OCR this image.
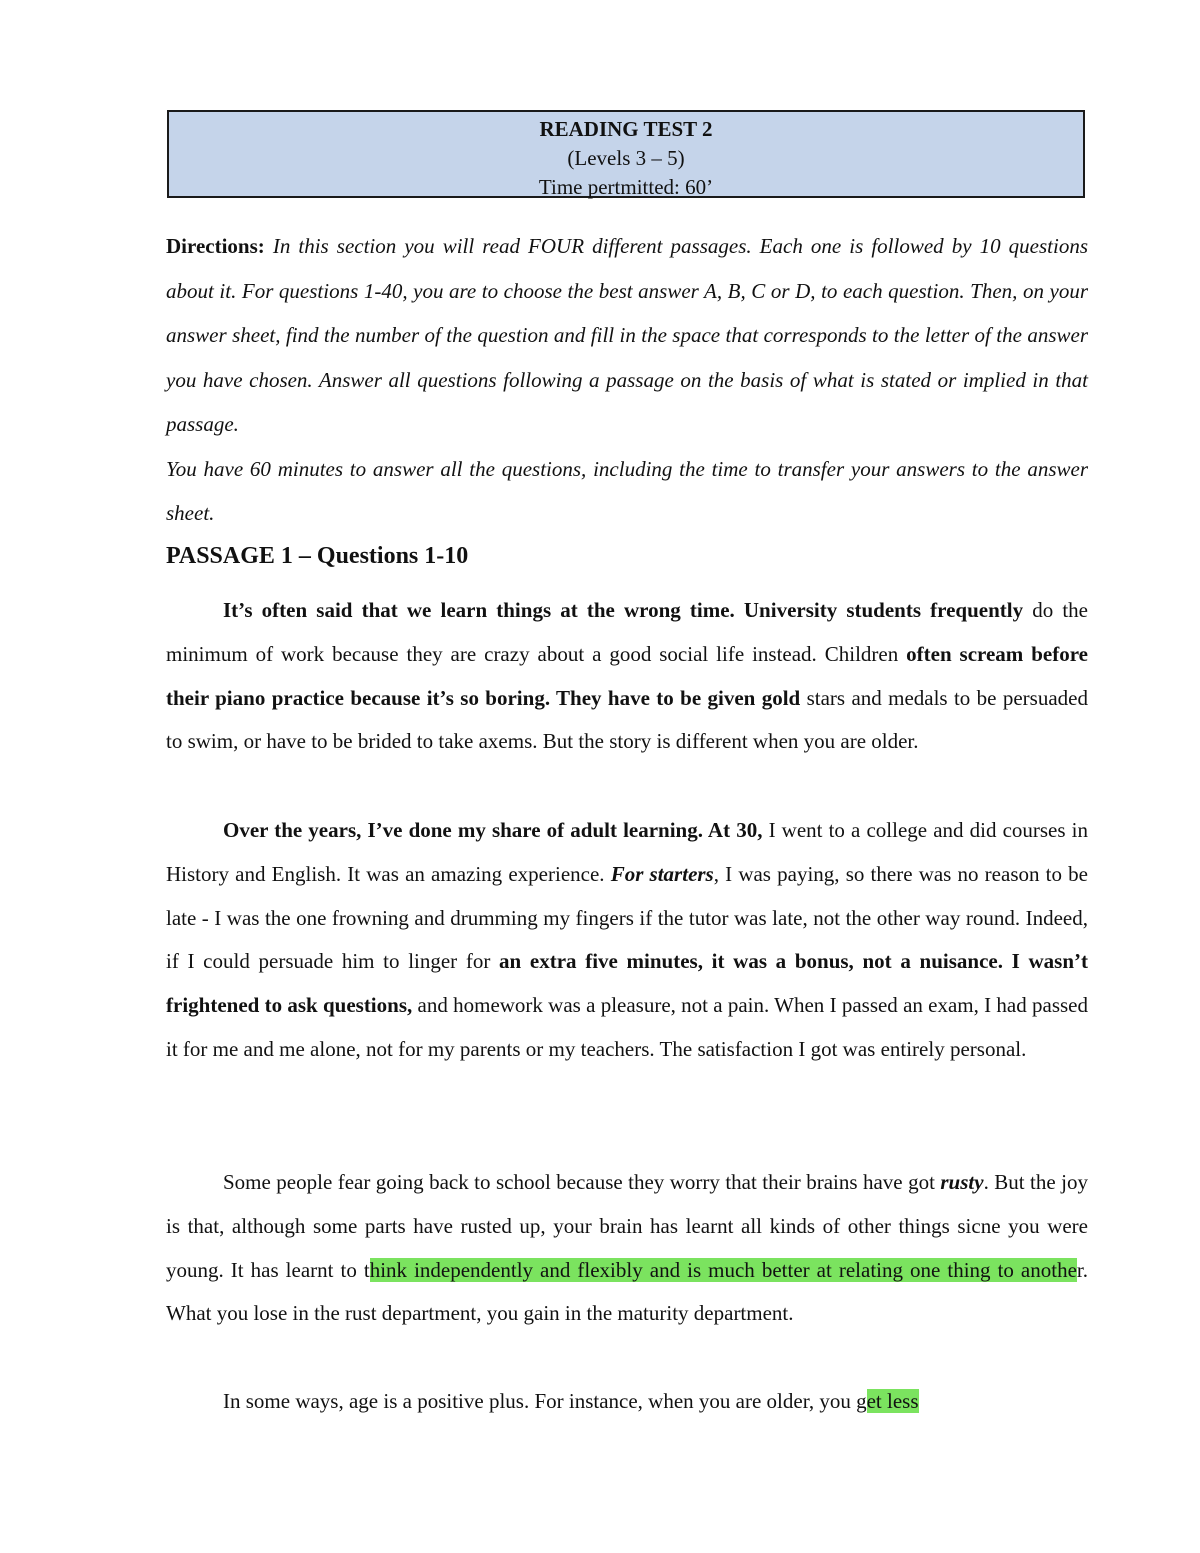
READING TEST 2
(Levels 3 – 5)
Time pertmitted: 60’
Directions: In this section you will read FOUR different passages. Each one is followed by 10 questions about it. For questions 1-40, you are to choose the best answer A, B, C or D, to each question. Then, on your answer sheet, find the number of the question and fill in the space that corresponds to the letter of the answer you have chosen. Answer all questions following a passage on the basis of what is stated or implied in that passage.
You have 60 minutes to answer all the questions, including the time to transfer your answers to the answer sheet.
PASSAGE 1 – Questions 1-10

It’s often said that we learn things at the wrong time. University students frequently do the minimum of work because they are crazy about a good social life instead. Children often scream before their piano practice because it’s so boring. They have to be given gold stars and medals to be persuaded to swim, or have to be brided to take axems. But the story is different when you are older.

Over the years, I’ve done my share of adult learning. At 30, I went to a college and did courses in History and English. It was an amazing experience. For starters, I was paying, so there was no reason to be late - I was the one frowning and drumming my fingers if the tutor was late, not the other way round. Indeed, if I could persuade him to linger for an extra five minutes, it was a bonus, not a nuisance. I wasn’t frightened to ask questions, and homework was a pleasure, not a pain. When I passed an exam, I had passed it for me and me alone, not for my parents or my teachers. The satisfaction I got was entirely personal.

Some people fear going back to school because they worry that their brains have got rusty. But the joy is that, although some parts have rusted up, your brain has learnt all kinds of other things sicne you were young. It has learnt to think independently and flexibly and is much better at relating one thing to another. What you lose in the rust department, you gain in the maturity department.

In some ways, age is a positive plus. For instance, when you are older, you get less
